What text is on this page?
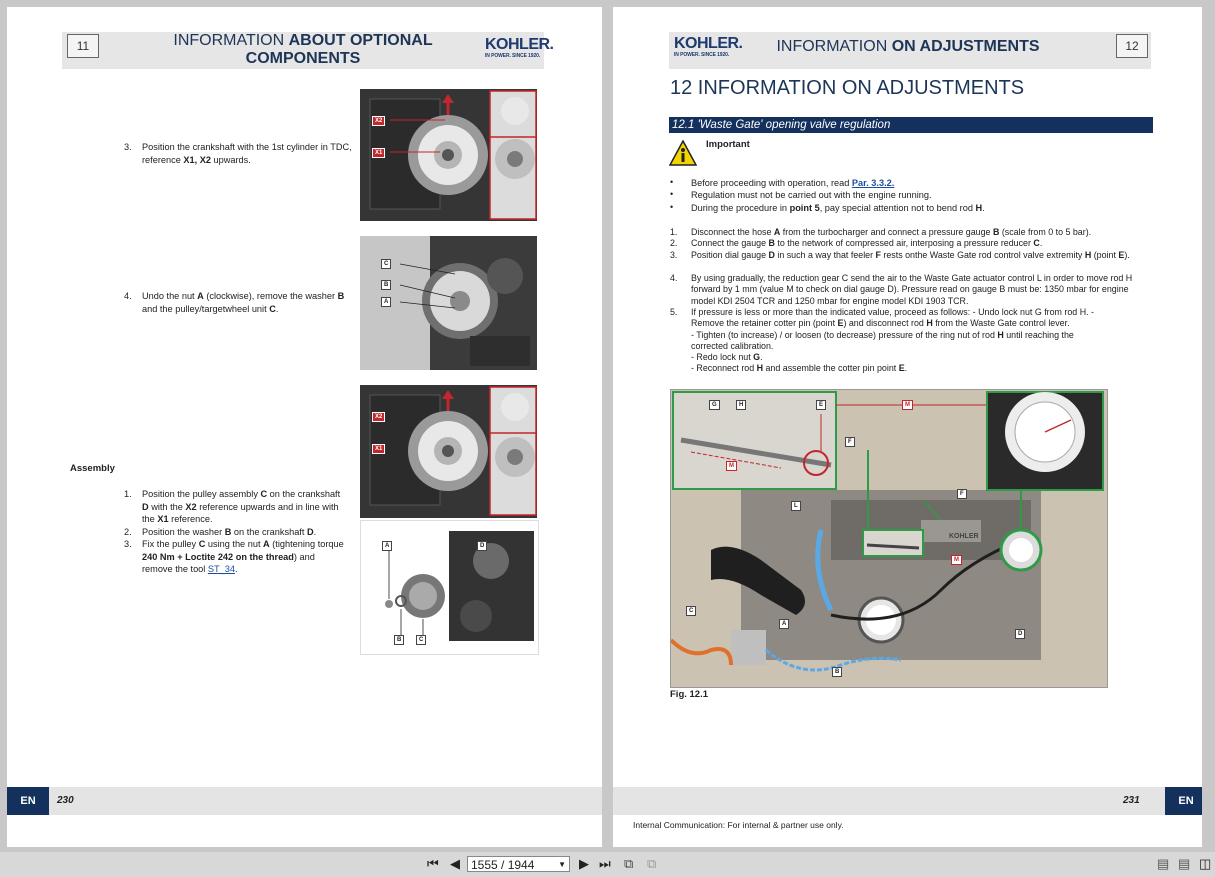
11	INFORMATION ABOUT OPTIONAL COMPONENTS
KOHLER.
IN POWER. SINCE 1920.
3. Position the crankshaft with the 1st cylinder in TDC, reference X1, X2 upwards.
X2
X1
4. Undo the nut A (clockwise), remove the washer B and the pulley/targetwheel unit C.
C
B
A
Assembly
1. Position the pulley assembly C on the crankshaft D with the X2 reference upwards and in line with the X1 reference.
2. Position the washer B on the crankshaft D.
3. Fix the pulley C using the nut A (tightening torque 240 Nm + Loctite 242 on the thread) and remove the tool ST_34.
X2
X1
A	D
B	C
EN	230
KOHLER.
IN POWER. SINCE 1920.	INFORMATION ON ADJUSTMENTS	12
12 INFORMATION ON ADJUSTMENTS
12.1 'Waste Gate' opening valve regulation
Important
• Before proceeding with operation, read Par. 3.3.2.
• Regulation must not be carried out with the engine running.
• During the procedure in point 5, pay special attention not to bend rod H.
1. Disconnect the hose A from the turbocharger and connect a pressure gauge B (scale from 0 to 5 bar).
2. Connect the gauge B to the network of compressed air, interposing a pressure reducer C.
3. Position dial gauge D in such a way that feeler F rests onthe Waste Gate rod control valve extremity H (point E).
4. By using gradually, the reduction gear C send the air to the Waste Gate actuator control L in order to move rod H forward by 1 mm (value M to check on dial gauge D). Pressure read on gauge B must be: 1350 mbar for engine model KDI 2504 TCR and 1250 mbar for engine model KDI 1903 TCR.
5. If pressure is less or more than the indicated value, proceed as follows: - Undo lock nut G from rod H. -
Remove the retainer cotter pin (point E) and disconnect rod H from the Waste Gate control lever.
- Tighten (to increase) / or loosen (to decrease) pressure of the ring nut of rod H until reaching the
corrected calibration.
- Redo lock nut G.
- Reconnect rod H and assemble the cotter pin point E.
G	H	E	M
F
M
F
L
KOHLER
M
C
A
D
B
Fig. 12.1
231	EN
Internal Communication: For internal & partner use only.
⏮ ◀ 1555 / 1944	▼ ▶ ⏭ ⧉ ⧉	▤ ▤ ◫
